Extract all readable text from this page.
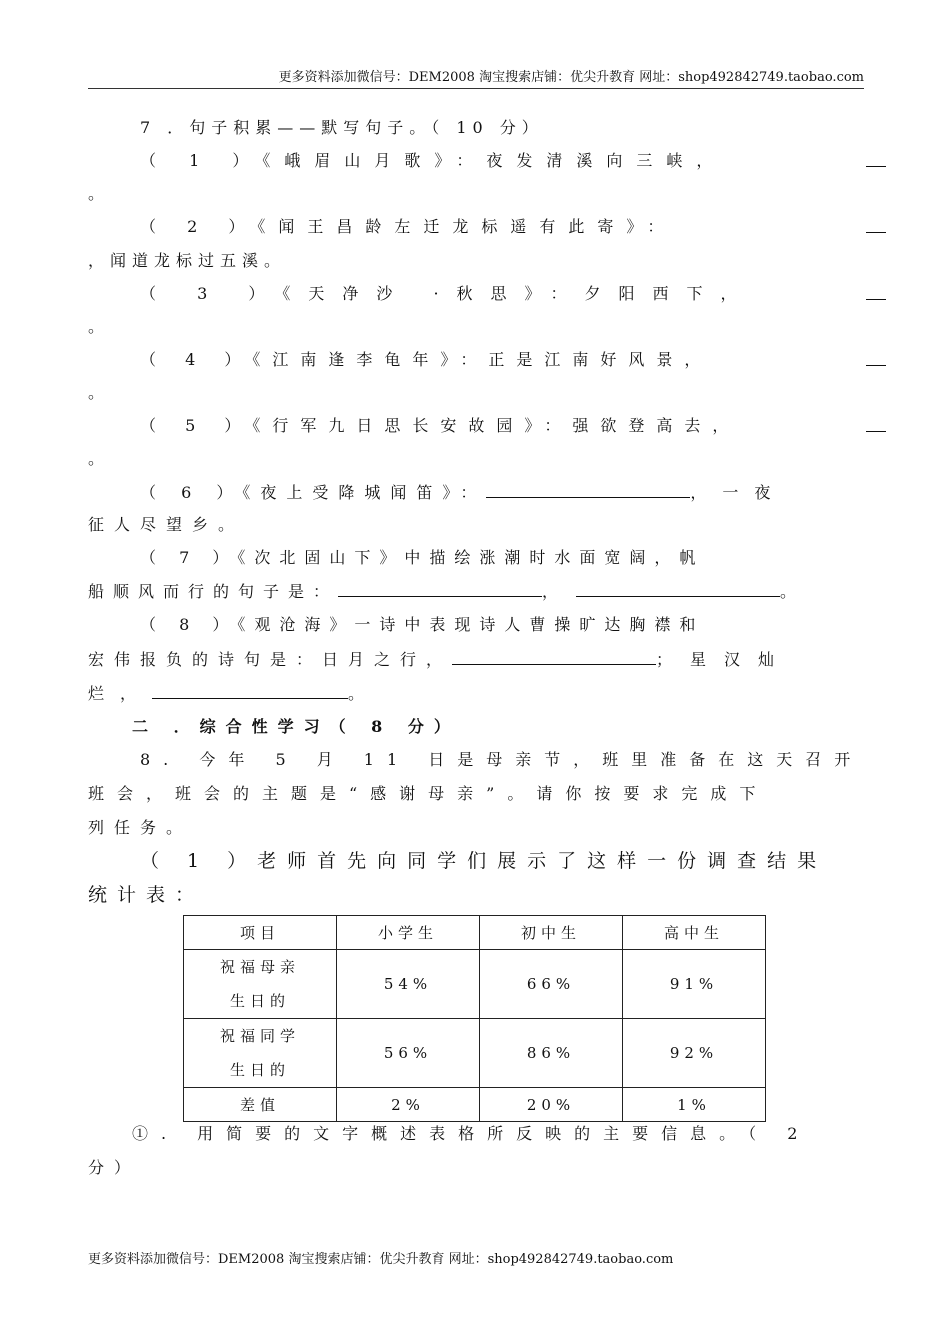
更多资料添加微信号：DEM2008 淘宝搜索店铺：优尖升教育 网址：shop492842749.taobao.com
7 ．句子积累——默写句子。（ 10 分）
（ 1 ）《峨眉山月歌》：夜发清溪向三峡，
。
（ 2 ）《闻王昌龄左迁龙标遥有此寄》：
，闻道龙标过五溪。
（ 3 ）《天净沙 ·秋思》：夕阳西下，
。
（ 4 ）《江南逢李龟年》：正是江南好风景，
。
（ 5 ）《行军九日思长安故园》：强欲登高去，
。
（ 6 ）《夜上受降城闻笛》：	，一夜
征人尽望乡。
（ 7 ）《次北固山下》中描绘涨潮时水面宽阔，帆
船顺风而行的句子是：	，	。
（ 8 ）《观沧海》一诗中表现诗人曹操旷达胸襟和
宏伟报负的诗句是：日月之行，	；星汉灿
烂，	。
二 ．综合性学习（ 8 分）
8. 今年 5 月 11 日是母亲节，班里准备在这天召开
班会，班会的主题是“感谢母亲”。请你按要求完成下
列任务。
（ 1 ）老师首先向同学们展示了这样一份调查结果
统计表：
项目	小学生	初中生	高中生

祝福母亲
生日的	54%	66%	91%

祝福同学
生日的	56%	86%	92%
差值	2%	20%	1%
①. 用简要的文字概述表格所反映的主要信息。（ 2
分）
更多资料添加微信号：DEM2008 淘宝搜索店铺：优尖升教育 网址：shop492842749.taobao.com
